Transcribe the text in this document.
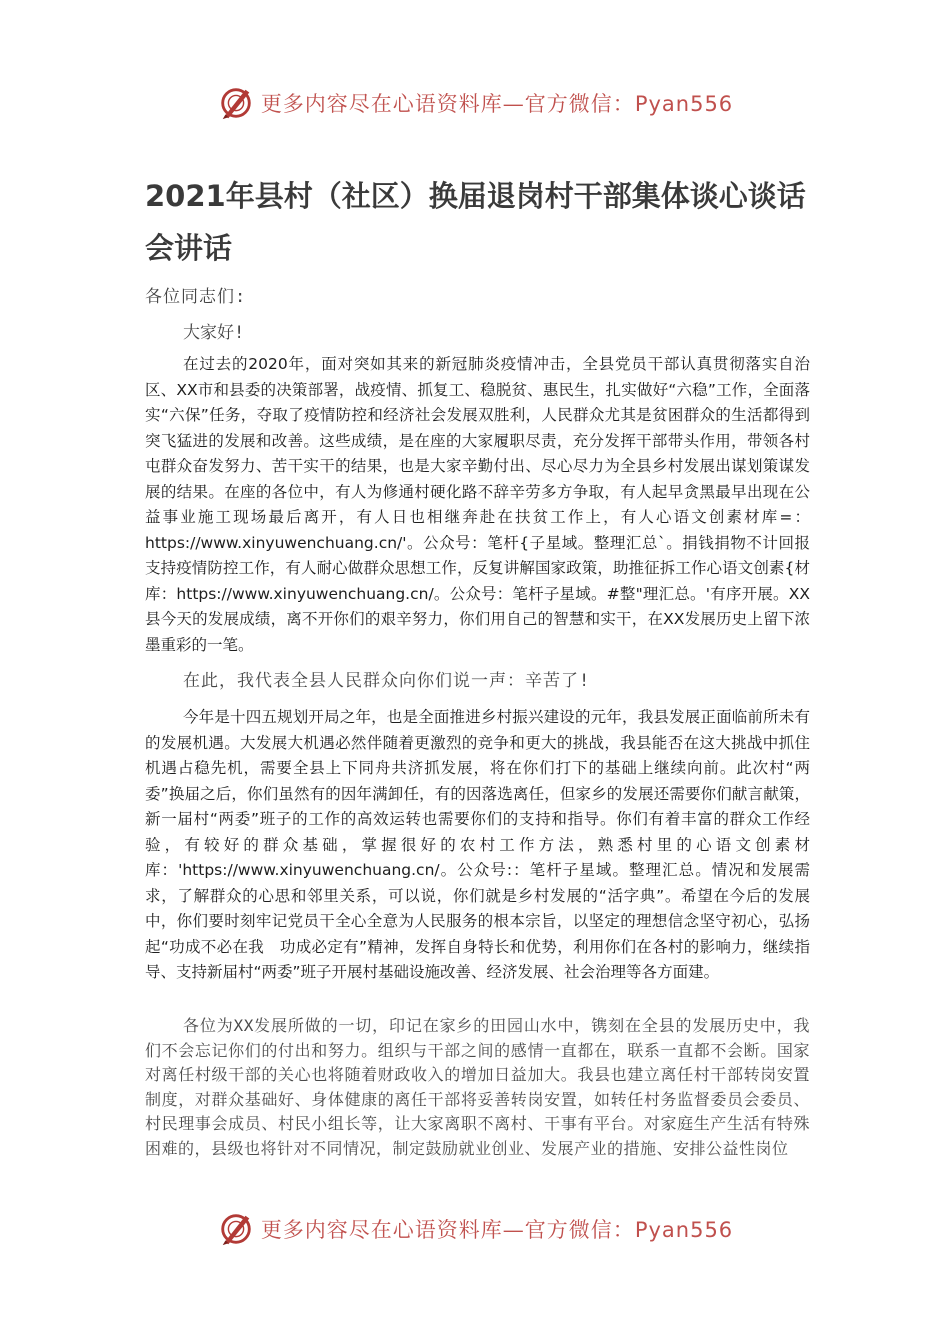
更多内容尽在心语资料库—官方微信：Pyan556
2021年县村（社区）换届退岗村干部集体谈心谈话会讲话

各位同志们:

大家好!

在过去的2020年，面对突如其来的新冠肺炎疫情冲击，全县党员干部认真贯彻落实自治区、XX市和县委的决策部署，战疫情、抓复工、稳脱贫、惠民生，扎实做好“六稳”工作，全面落实“六保”任务，夺取了疫情防控和经济社会发展双胜利，人民群众尤其是贫困群众的生活都得到突飞猛进的发展和改善。这些成绩，是在座的大家履职尽责，充分发挥干部带头作用，带领各村屯群众奋发努力、苦干实干的结果，也是大家辛勤付出、尽心尽力为全县乡村发展出谋划策谋发展的结果。在座的各位中，有人为修通村硬化路不辞辛劳多方争取，有人起早贪黑最早出现在公益事业施工现场最后离开，有人日也相继奔赴在扶贫工作上，有人心语文创素材库=：https://www.xinyuwenchuang.cn/'。公众号：笔杆{子星域。整理汇总`。捐钱捐物不计回报支持疫情防控工作，有人耐心做群众思想工作，反复讲解国家政策，助推征拆工作心语文创素{材库：https://www.xinyuwenchuang.cn/。公众号：笔杆子星域。#整"理汇总。'有序开展。XX县今天的发展成绩，离不开你们的艰辛努力，你们用自己的智慧和实干，在XX发展历史上留下浓墨重彩的一笔。

在此，我代表全县人民群众向你们说一声：辛苦了!

今年是十四五规划开局之年，也是全面推进乡村振兴建设的元年，我县发展正面临前所未有的发展机遇。大发展大机遇必然伴随着更激烈的竞争和更大的挑战，我县能否在这大挑战中抓住机遇占稳先机，需要全县上下同舟共济抓发展，将在你们打下的基础上继续向前。此次村“两委”换届之后，你们虽然有的因年满卸任，有的因落选离任，但家乡的发展还需要你们献言献策，新一届村“两委”班子的工作的高效运转也需要你们的支持和指导。你们有着丰富的群众工作经验，有较好的群众基础，掌握很好的农村工作方法，熟悉村里的心语文创素材库：'https://www.xinyuwenchuang.cn/。公众号:：笔杆子星域。整理汇总。情况和发展需求，了解群众的心思和邻里关系，可以说，你们就是乡村发展的“活字典”。希望在今后的发展中，你们要时刻牢记党员干全心全意为人民服务的根本宗旨，以坚定的理想信念坚守初心，弘扬起“功成不必在我　功成必定有”精神，发挥自身特长和优势，利用你们在各村的影响力，继续指导、支持新届村“两委”班子开展村基础设施改善、经济发展、社会治理等各方面建。

各位为XX发展所做的一切，印记在家乡的田园山水中，镌刻在全县的发展历史中，我们不会忘记你们的付出和努力。组织与干部之间的感情一直都在，联系一直都不会断。国家对离任村级干部的关心也将随着财政收入的增加日益加大。我县也建立离任村干部转岗安置制度，对群众基础好、身体健康的离任干部将妥善转岗安置，如转任村务监督委员会委员、村民理事会成员、村民小组长等，让大家离职不离村、干事有平台。对家庭生产生活有特殊困难的，县级也将针对不同情况，制定鼓励就业创业、发展产业的措施、安排公益性岗位

更多内容尽在心语资料库—官方微信：Pyan556
